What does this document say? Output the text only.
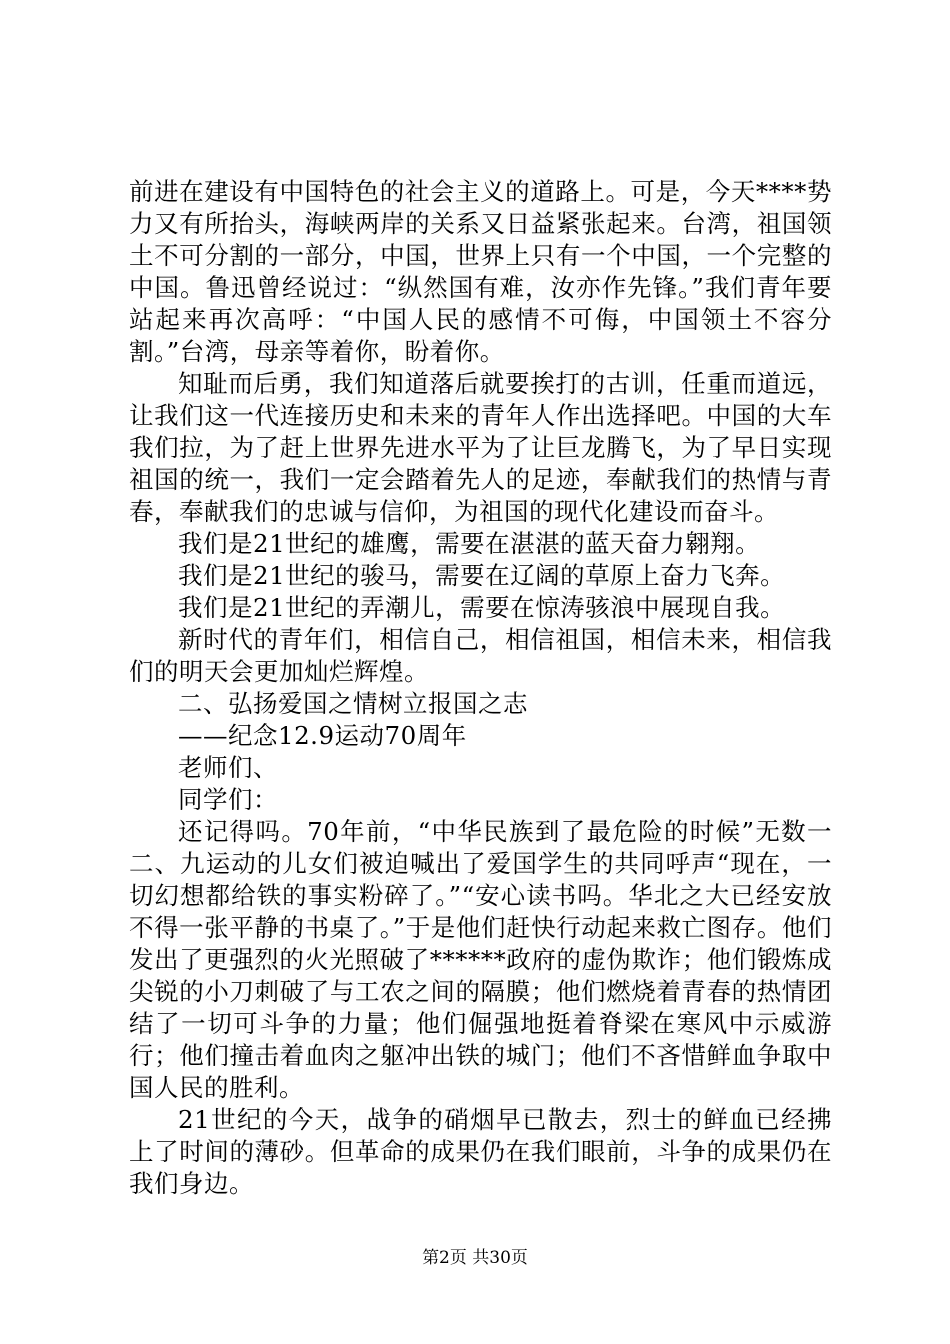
前进在建设有中国特色的社会主义的道路上。可是，今天****势力又有所抬头，海峡两岸的关系又日益紧张起来。台湾，祖国领土不可分割的一部分，中国，世界上只有一个中国，一个完整的中国。鲁迅曾经说过：“纵然国有难，汝亦作先锋。”我们青年要站起来再次高呼：“中国人民的感情不可侮，中国领土不容分割。”台湾，母亲等着你，盼着你。

知耻而后勇，我们知道落后就要挨打的古训，任重而道远，让我们这一代连接历史和未来的青年人作出选择吧。中国的大车我们拉，为了赶上世界先进水平为了让巨龙腾飞，为了早日实现祖国的统一，我们一定会踏着先人的足迹，奉献我们的热情与青春，奉献我们的忠诚与信仰，为祖国的现代化建设而奋斗。

我们是21世纪的雄鹰，需要在湛湛的蓝天奋力翱翔。

我们是21世纪的骏马，需要在辽阔的草原上奋力飞奔。

我们是21世纪的弄潮儿，需要在惊涛骇浪中展现自我。

新时代的青年们，相信自己，相信祖国，相信未来，相信我们的明天会更加灿烂辉煌。

二、弘扬爱国之情树立报国之志

——纪念12.9运动70周年

老师们、

同学们：

还记得吗。70年前，“中华民族到了最危险的时候”无数一二、九运动的儿女们被迫喊出了爱国学生的共同呼声“现在，一切幻想都给铁的事实粉碎了。”“安心读书吗。华北之大已经安放不得一张平静的书桌了。”于是他们赶快行动起来救亡图存。他们发出了更强烈的火光照破了******政府的虚伪欺诈；他们锻炼成尖锐的小刀刺破了与工农之间的隔膜；他们燃烧着青春的热情团结了一切可斗争的力量；他们倔强地挺着脊梁在寒风中示威游行；他们撞击着血肉之躯冲出铁的城门；他们不吝惜鲜血争取中国人民的胜利。

21世纪的今天，战争的硝烟早已散去，烈士的鲜血已经拂上了时间的薄砂。但革命的成果仍在我们眼前，斗争的成果仍在我们身边。

第2页 共30页
